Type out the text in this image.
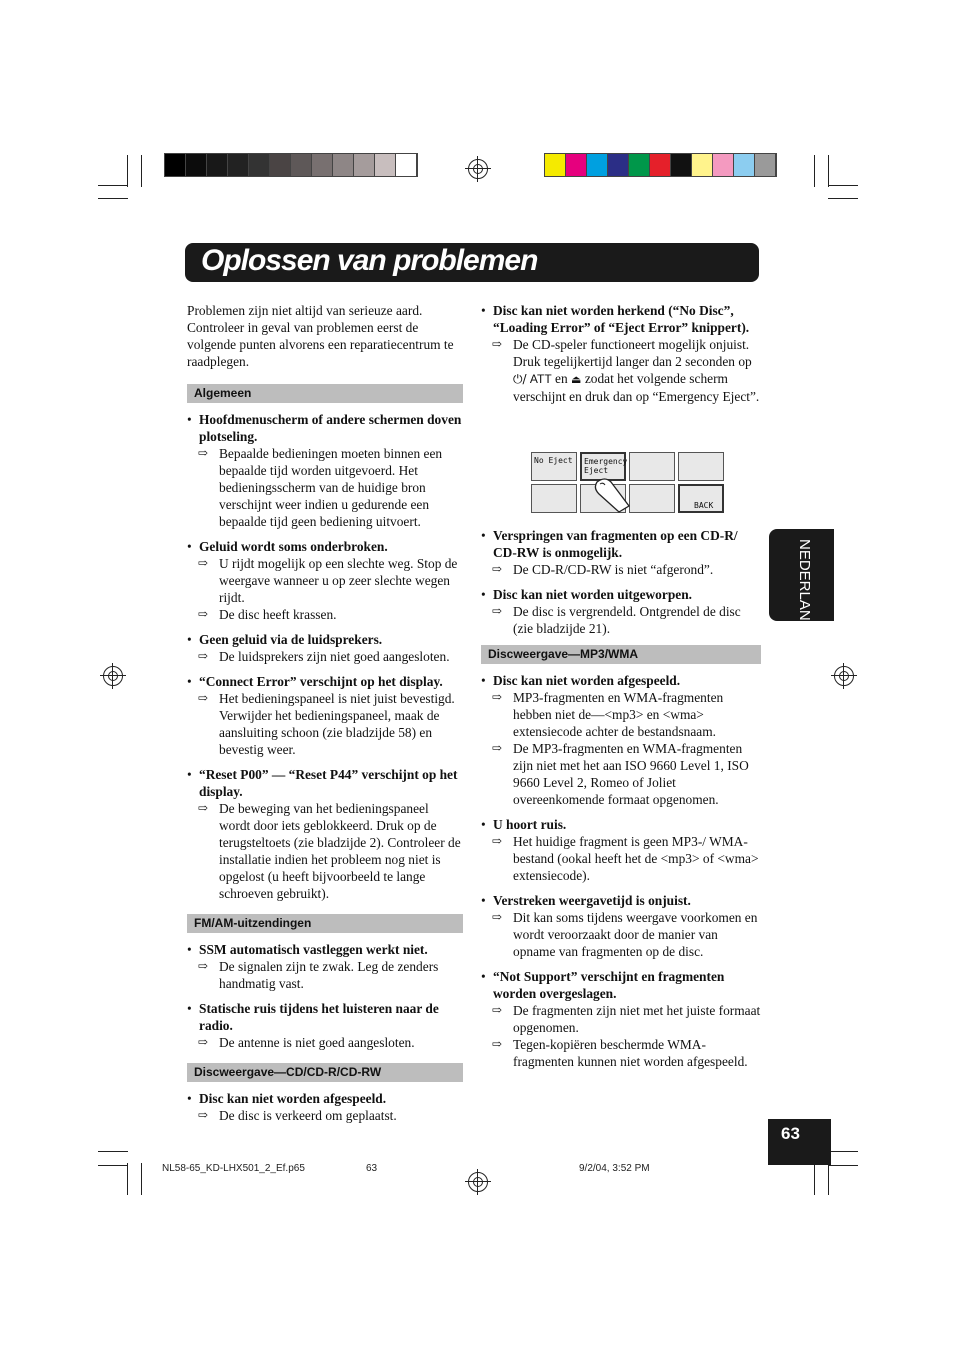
Oplossen van problemen
NEDERLANDS

Problemen zijn niet altijd van serieuze aard. Controleer in geval van problemen eerst de volgende punten alvorens een reparatiecentrum te raadplegen.

Algemeen
• Hoofdmenuscherm of andere schermen doven plotseling.
⇨ Bepaalde bedieningen moeten binnen een bepaalde tijd worden uitgevoerd. Het bedieningsscherm van de huidige bron verschijnt weer indien u gedurende een bepaalde tijd geen bediening uitvoert.
• Geluid wordt soms onderbroken.
⇨ U rijdt mogelijk op een slechte weg. Stop de weergave wanneer u op zeer slechte wegen rijdt.
⇨ De disc heeft krassen.
• Geen geluid via de luidsprekers.
⇨ De luidsprekers zijn niet goed aangesloten.
• “Connect Error” verschijnt op het display.
⇨ Het bedieningspaneel is niet juist bevestigd. Verwijder het bedieningspaneel, maak de aansluiting schoon (zie bladzijde 58) en bevestig weer.
• “Reset P00” — “Reset P44” verschijnt op het display.
⇨ De beweging van het bedieningspaneel wordt door iets geblokkeerd. Druk op de terugsteltoets (zie bladzijde 2). Controleer de installatie indien het probleem nog niet is opgelost (u heeft bijvoorbeeld te lange schroeven gebruikt).
FM/AM-uitzendingen
• SSM automatisch vastleggen werkt niet.
⇨ De signalen zijn te zwak. Leg de zenders handmatig vast.
• Statische ruis tijdens het luisteren naar de radio.
⇨ De antenne is niet goed aangesloten.
Discweergave—CD/CD-R/CD-RW
• Disc kan niet worden afgespeeld.
⇨ De disc is verkeerd om geplaatst.
• Disc kan niet worden herkend (“No Disc”, “Loading Error” of “Eject Error” knippert).
⇨ De CD-speler functioneert mogelijk onjuist. Druk tegelijkertijd langer dan 2 seconden op ⏻/ ATT en ⏏ zodat het volgende scherm verschijnt en druk dan op “Emergency Eject”.
No Eject	Emergency Eject
BACK
• Verspringen van fragmenten op een CD-R/ CD-RW is onmogelijk.
⇨ De CD-R/CD-RW is niet “afgerond”.
• Disc kan niet worden uitgeworpen.
⇨ De disc is vergrendeld. Ontgrendel de disc (zie bladzijde 21).
Discweergave—MP3/WMA
• Disc kan niet worden afgespeeld.
⇨ MP3-fragmenten en WMA-fragmenten hebben niet de—<mp3> en <wma> extensiecode achter de bestandsnaam.
⇨ De MP3-fragmenten en WMA-fragmenten zijn niet met het aan ISO 9660 Level 1, ISO 9660 Level 2, Romeo of Joliet overeenkomende formaat opgenomen.
• U hoort ruis.
⇨ Het huidige fragment is geen MP3-/ WMA-bestand (ookal heeft het de <mp3> of <wma> extensiecode).
• Verstreken weergavetijd is onjuist.
⇨ Dit kan soms tijdens weergave voorkomen en wordt veroorzaakt door de manier van opname van fragmenten op de disc.
• “Not Support” verschijnt en fragmenten worden overgeslagen.
⇨ De fragmenten zijn niet met het juiste formaat opgenomen.
⇨ Tegen-kopiëren beschermde WMA-fragmenten kunnen niet worden afgespeeld.
63
NL58-65_KD-LHX501_2_Ef.p65	63	9/2/04, 3:52 PM
